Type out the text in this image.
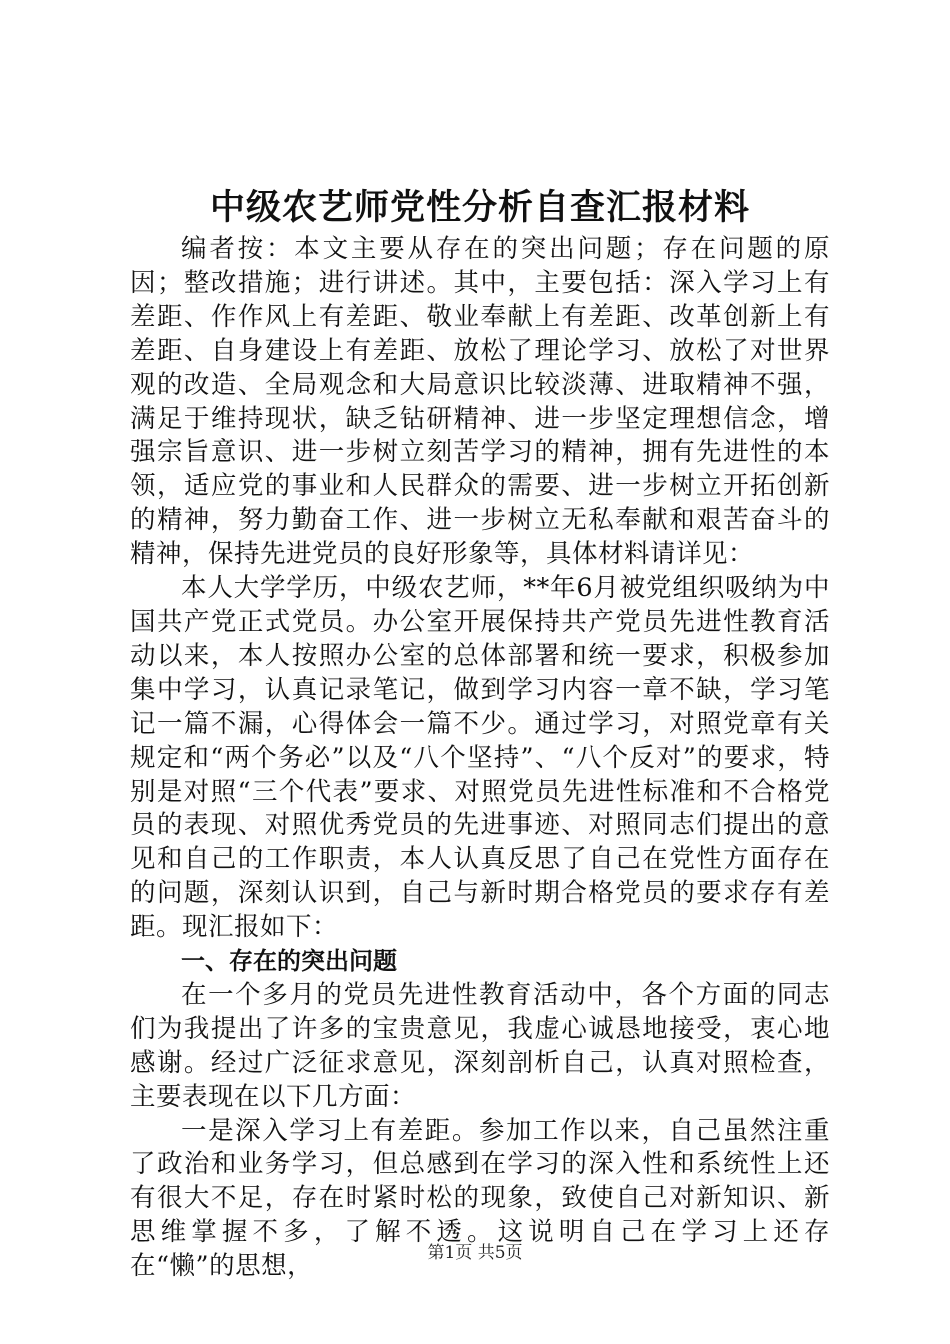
中级农艺师党性分析自查汇报材料

编者按：本文主要从存在的突出问题；存在问题的原因；整改措施；进行讲述。其中，主要包括：深入学习上有差距、作作风上有差距、敬业奉献上有差距、改革创新上有差距、自身建设上有差距、放松了理论学习、放松了对世界观的改造、全局观念和大局意识比较淡薄、进取精神不强，满足于维持现状，缺乏钻研精神、进一步坚定理想信念，增强宗旨意识、进一步树立刻苦学习的精神，拥有先进性的本领，适应党的事业和人民群众的需要、进一步树立开拓创新的精神，努力勤奋工作、进一步树立无私奉献和艰苦奋斗的精神，保持先进党员的良好形象等，具体材料请详见：

本人大学学历，中级农艺师，**年6月被党组织吸纳为中国共产党正式党员。办公室开展保持共产党员先进性教育活动以来，本人按照办公室的总体部署和统一要求，积极参加集中学习，认真记录笔记，做到学习内容一章不缺，学习笔记一篇不漏，心得体会一篇不少。通过学习，对照党章有关规定和“两个务必”以及“八个坚持”、“八个反对”的要求，特别是对照“三个代表”要求、对照党员先进性标准和不合格党员的表现、对照优秀党员的先进事迹、对照同志们提出的意见和自己的工作职责，本人认真反思了自己在党性方面存在的问题，深刻认识到，自己与新时期合格党员的要求存有差距。现汇报如下：

一、存在的突出问题

在一个多月的党员先进性教育活动中，各个方面的同志们为我提出了许多的宝贵意见，我虚心诚恳地接受，衷心地感谢。经过广泛征求意见，深刻剖析自己，认真对照检查，主要表现在以下几方面：

一是深入学习上有差距。参加工作以来，自己虽然注重了政治和业务学习，但总感到在学习的深入性和系统性上还有很大不足，存在时紧时松的现象，致使自己对新知识、新思维掌握不多，了解不透。这说明自己在学习上还存在“懒”的思想，	第1页 共5页
